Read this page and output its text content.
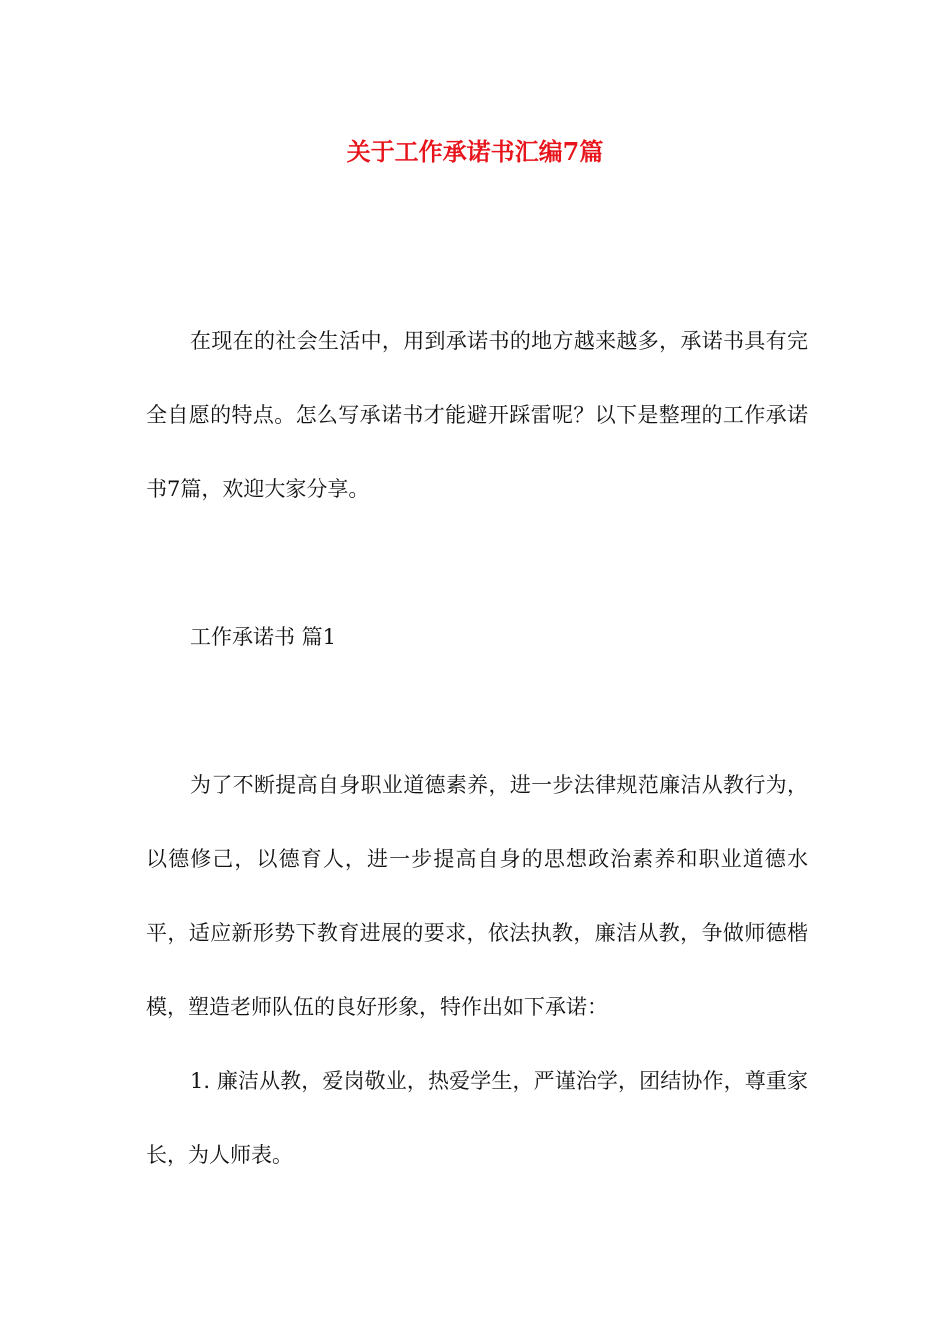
关于工作承诺书汇编7篇

在现在的社会生活中，用到承诺书的地方越来越多，承诺书具有完全自愿的特点。怎么写承诺书才能避开踩雷呢？以下是整理的工作承诺书7篇，欢迎大家分享。

工作承诺书 篇1

为了不断提高自身职业道德素养，进一步法律规范廉洁从教行为，以德修己，以德育人，进一步提高自身的思想政治素养和职业道德水平，适应新形势下教育进展的要求，依法执教，廉洁从教，争做师德楷模，塑造老师队伍的良好形象，特作出如下承诺：

1. 廉洁从教，爱岗敬业，热爱学生，严谨治学，团结协作，尊重家长，为人师表。
